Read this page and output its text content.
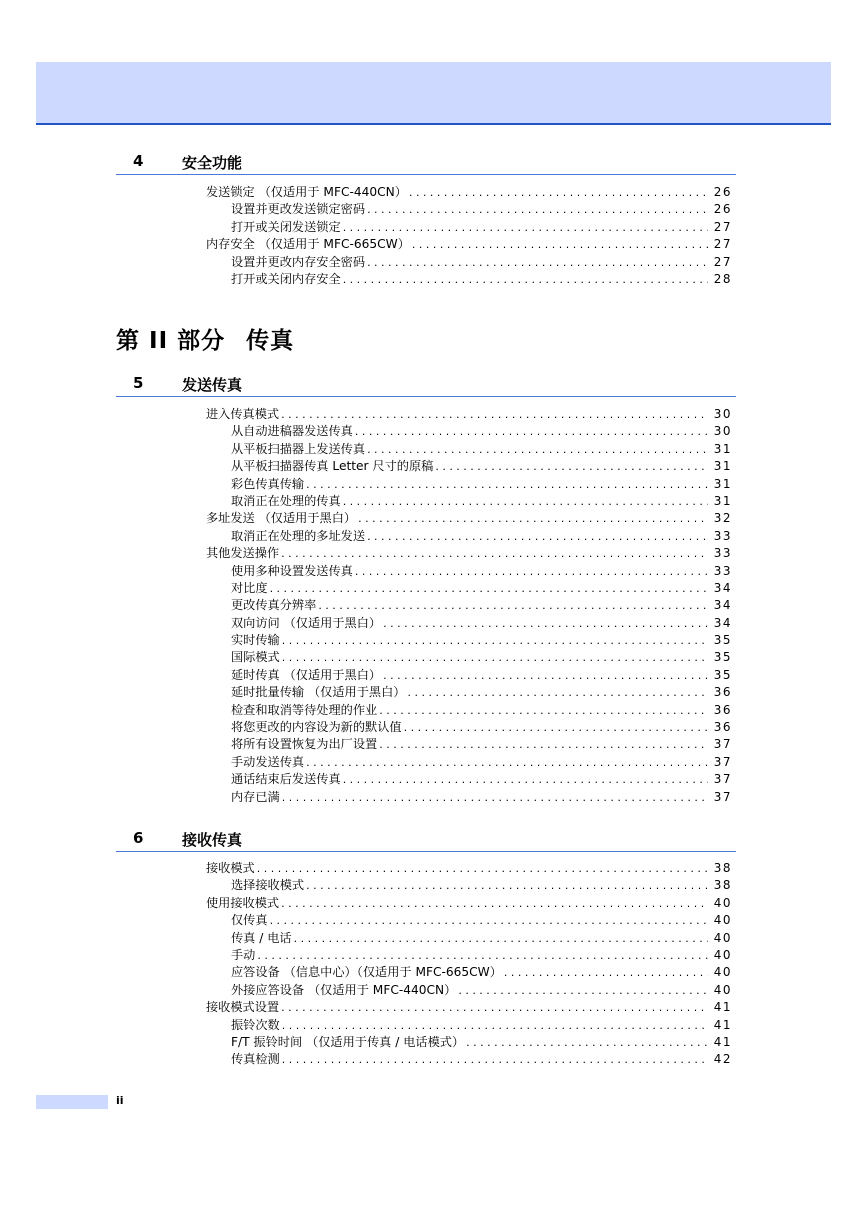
4	安全功能
发送锁定 （仅适用于 MFC-440CN） . . .	26
设置并更改发送锁定密码 . . .	26
打开或关闭发送锁定 . . .	27
内存安全 （仅适用于 MFC-665CW） . . .	27
设置并更改内存安全密码 . . .	27
打开或关闭内存安全 . . .	28
第 II 部分 传真
5	发送传真
进入传真模式 . . .	30
从自动进稿器发送传真 . . .	30
从平板扫描器上发送传真 . . .	31
从平板扫描器传真 Letter 尺寸的原稿 . . .	31
彩色传真传输 . . .	31
取消正在处理的传真 . . .	31
多址发送 （仅适用于黑白） . . .	32
取消正在处理的多址发送 . . .	33
其他发送操作 . . .	33
使用多种设置发送传真 . . .	33
对比度 . . .	34
更改传真分辨率 . . .	34
双向访问 （仅适用于黑白） . . .	34
实时传输 . . .	35
国际模式 . . .	35
延时传真 （仅适用于黑白） . . .	35
延时批量传输 （仅适用于黑白） . . .	36
检查和取消等待处理的作业 . . .	36
将您更改的内容设为新的默认值 . . .	36
将所有设置恢复为出厂设置 . . .	37
手动发送传真 . . .	37
通话结束后发送传真 . . .	37
内存已满 . . .	37
6	接收传真
接收模式 . . .	38
选择接收模式 . . .	38
使用接收模式 . . .	40
仅传真 . . .	40
传真 / 电话 . . .	40
手动 . . .	40
应答设备 （信息中心）（仅适用于 MFC-665CW） . . .	40
外接应答设备 （仅适用于 MFC-440CN） . . .	40
接收模式设置 . . .	41
振铃次数 . . .	41
F/T 振铃时间 （仅适用于传真 / 电话模式） . . .	41
传真检测 . . .	42
ii
